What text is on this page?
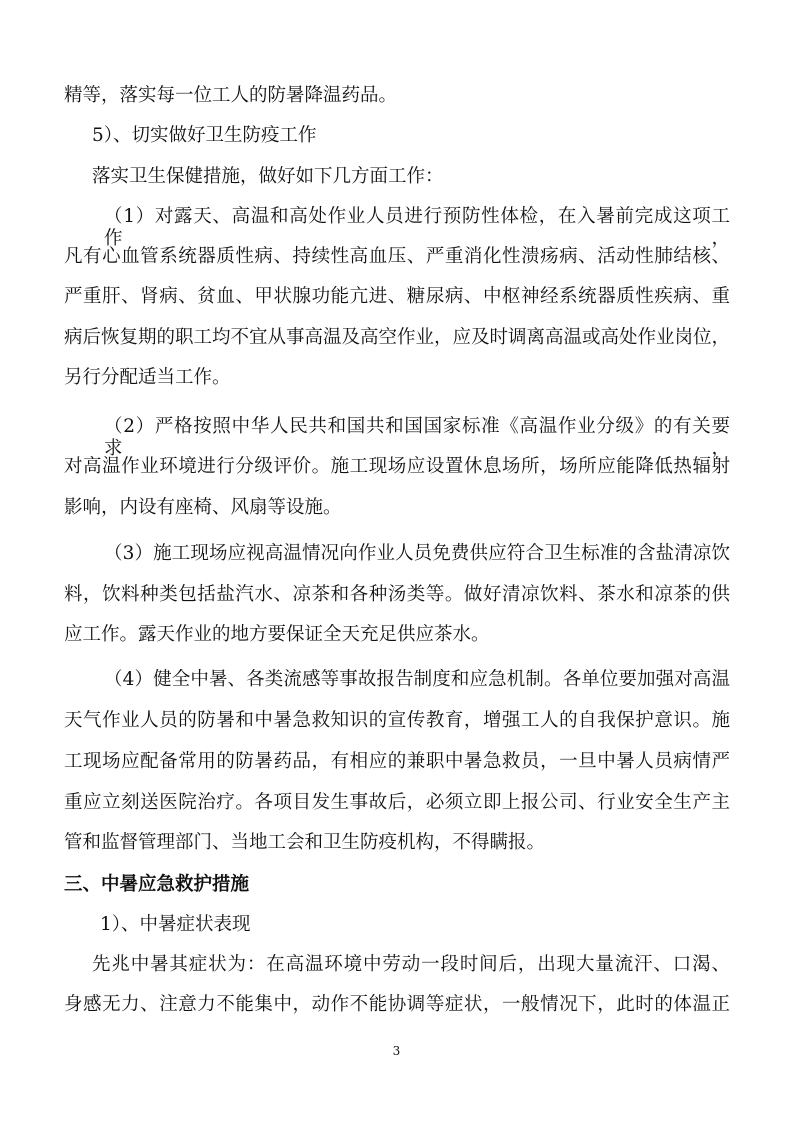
精等，落实每一位工人的防暑降温药品。
5）、切实做好卫生防疫工作
落实卫生保健措施，做好如下几方面工作：
（1）对露天、高温和高处作业人员进行预防性体检，在入暑前完成这项工作，
凡有心血管系统器质性病、持续性高血压、严重消化性溃疡病、活动性肺结核、
严重肝、肾病、贫血、甲状腺功能亢进、糖尿病、中枢神经系统器质性疾病、重
病后恢复期的职工均不宜从事高温及高空作业，应及时调离高温或高处作业岗位，
另行分配适当工作。
（2）严格按照中华人民共和国共和国国家标准《高温作业分级》的有关要求，
对高温作业环境进行分级评价。施工现场应设置休息场所，场所应能降低热辐射
影响，内设有座椅、风扇等设施。
（3）施工现场应视高温情况向作业人员免费供应符合卫生标准的含盐清凉饮
料，饮料种类包括盐汽水、凉茶和各种汤类等。做好清凉饮料、茶水和凉茶的供
应工作。露天作业的地方要保证全天充足供应茶水。
（4）健全中暑、各类流感等事故报告制度和应急机制。各单位要加强对高温
天气作业人员的防暑和中暑急救知识的宣传教育，增强工人的自我保护意识。施
工现场应配备常用的防暑药品，有相应的兼职中暑急救员，一旦中暑人员病情严
重应立刻送医院治疗。各项目发生事故后，必须立即上报公司、行业安全生产主
管和监督管理部门、当地工会和卫生防疫机构，不得瞒报。
三、中暑应急救护措施
1）、中暑症状表现
先兆中暑其症状为：在高温环境中劳动一段时间后，出现大量流汗、口渴、
身感无力、注意力不能集中，动作不能协调等症状，一般情况下，此时的体温正
3
